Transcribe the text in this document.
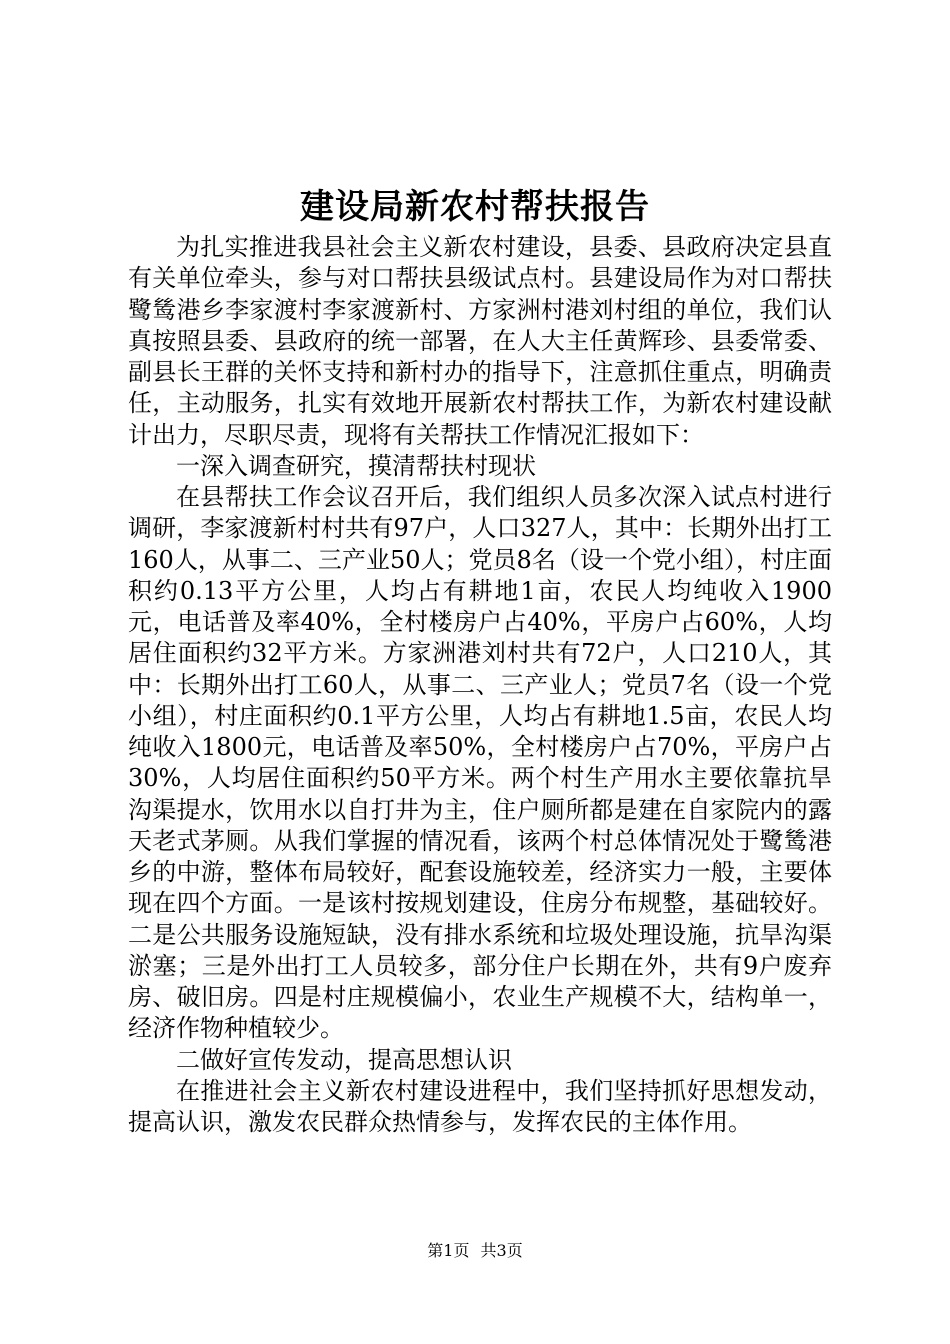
建设局新农村帮扶报告

为扎实推进我县社会主义新农村建设，县委、县政府决定县直有关单位牵头，参与对口帮扶县级试点村。县建设局作为对口帮扶鹭鸶港乡李家渡村李家渡新村、方家洲村港刘村组的单位，我们认真按照县委、县政府的统一部署，在人大主任黄辉珍、县委常委、副县长王群的关怀支持和新村办的指导下，注意抓住重点，明确责任，主动服务，扎实有效地开展新农村帮扶工作，为新农村建设献计出力，尽职尽责，现将有关帮扶工作情况汇报如下：

一深入调查研究，摸清帮扶村现状

在县帮扶工作会议召开后，我们组织人员多次深入试点村进行调研，李家渡新村村共有97户，人口327人，其中：长期外出打工160人，从事二、三产业50人；党员8名（设一个党小组），村庄面积约0.13平方公里，人均占有耕地1亩，农民人均纯收入1900元，电话普及率40%，全村楼房户占40%，平房户占60%，人均居住面积约32平方米。方家洲港刘村共有72户，人口210人，其中：长期外出打工60人，从事二、三产业人；党员7名（设一个党小组），村庄面积约0.1平方公里，人均占有耕地1.5亩，农民人均纯收入1800元，电话普及率50%，全村楼房户占70%，平房户占30%，人均居住面积约50平方米。两个村生产用水主要依靠抗旱沟渠提水，饮用水以自打井为主，住户厕所都是建在自家院内的露天老式茅厕。从我们掌握的情况看，该两个村总体情况处于鹭鸶港乡的中游，整体布局较好，配套设施较差，经济实力一般，主要体现在四个方面。一是该村按规划建设，住房分布规整，基础较好。二是公共服务设施短缺，没有排水系统和垃圾处理设施，抗旱沟渠淤塞；三是外出打工人员较多，部分住户长期在外，共有9户废弃房、破旧房。四是村庄规模偏小，农业生产规模不大，结构单一，经济作物种植较少。

二做好宣传发动，提高思想认识

在推进社会主义新农村建设进程中，我们坚持抓好思想发动，提高认识，激发农民群众热情参与，发挥农民的主体作用。

第1页 共3页
